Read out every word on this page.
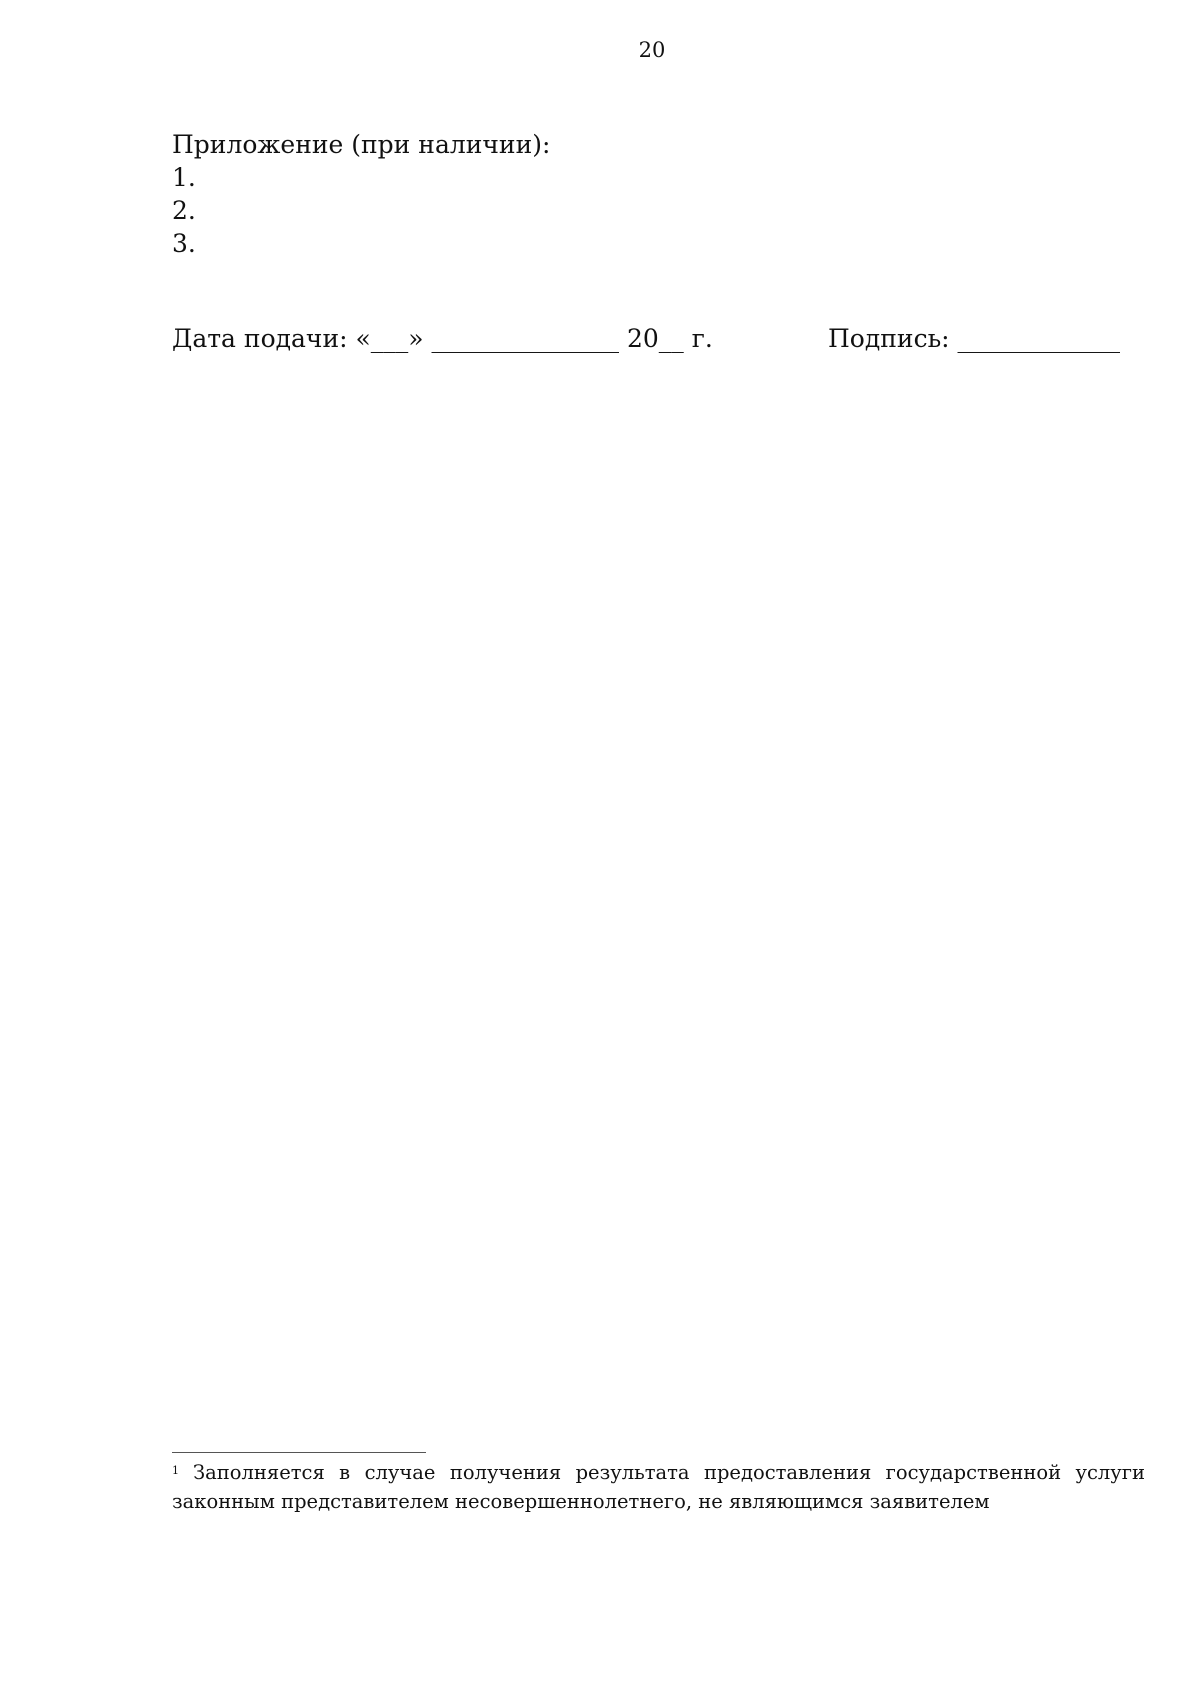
20
Приложение (при наличии):
1.
2.
3.
Дата подачи: «___» _______________ 20__ г.	Подпись: _____________
$^1$ Заполняется в случае получения результата предоставления государственной услуги
законным представителем несовершеннолетнего, не являющимся заявителем
